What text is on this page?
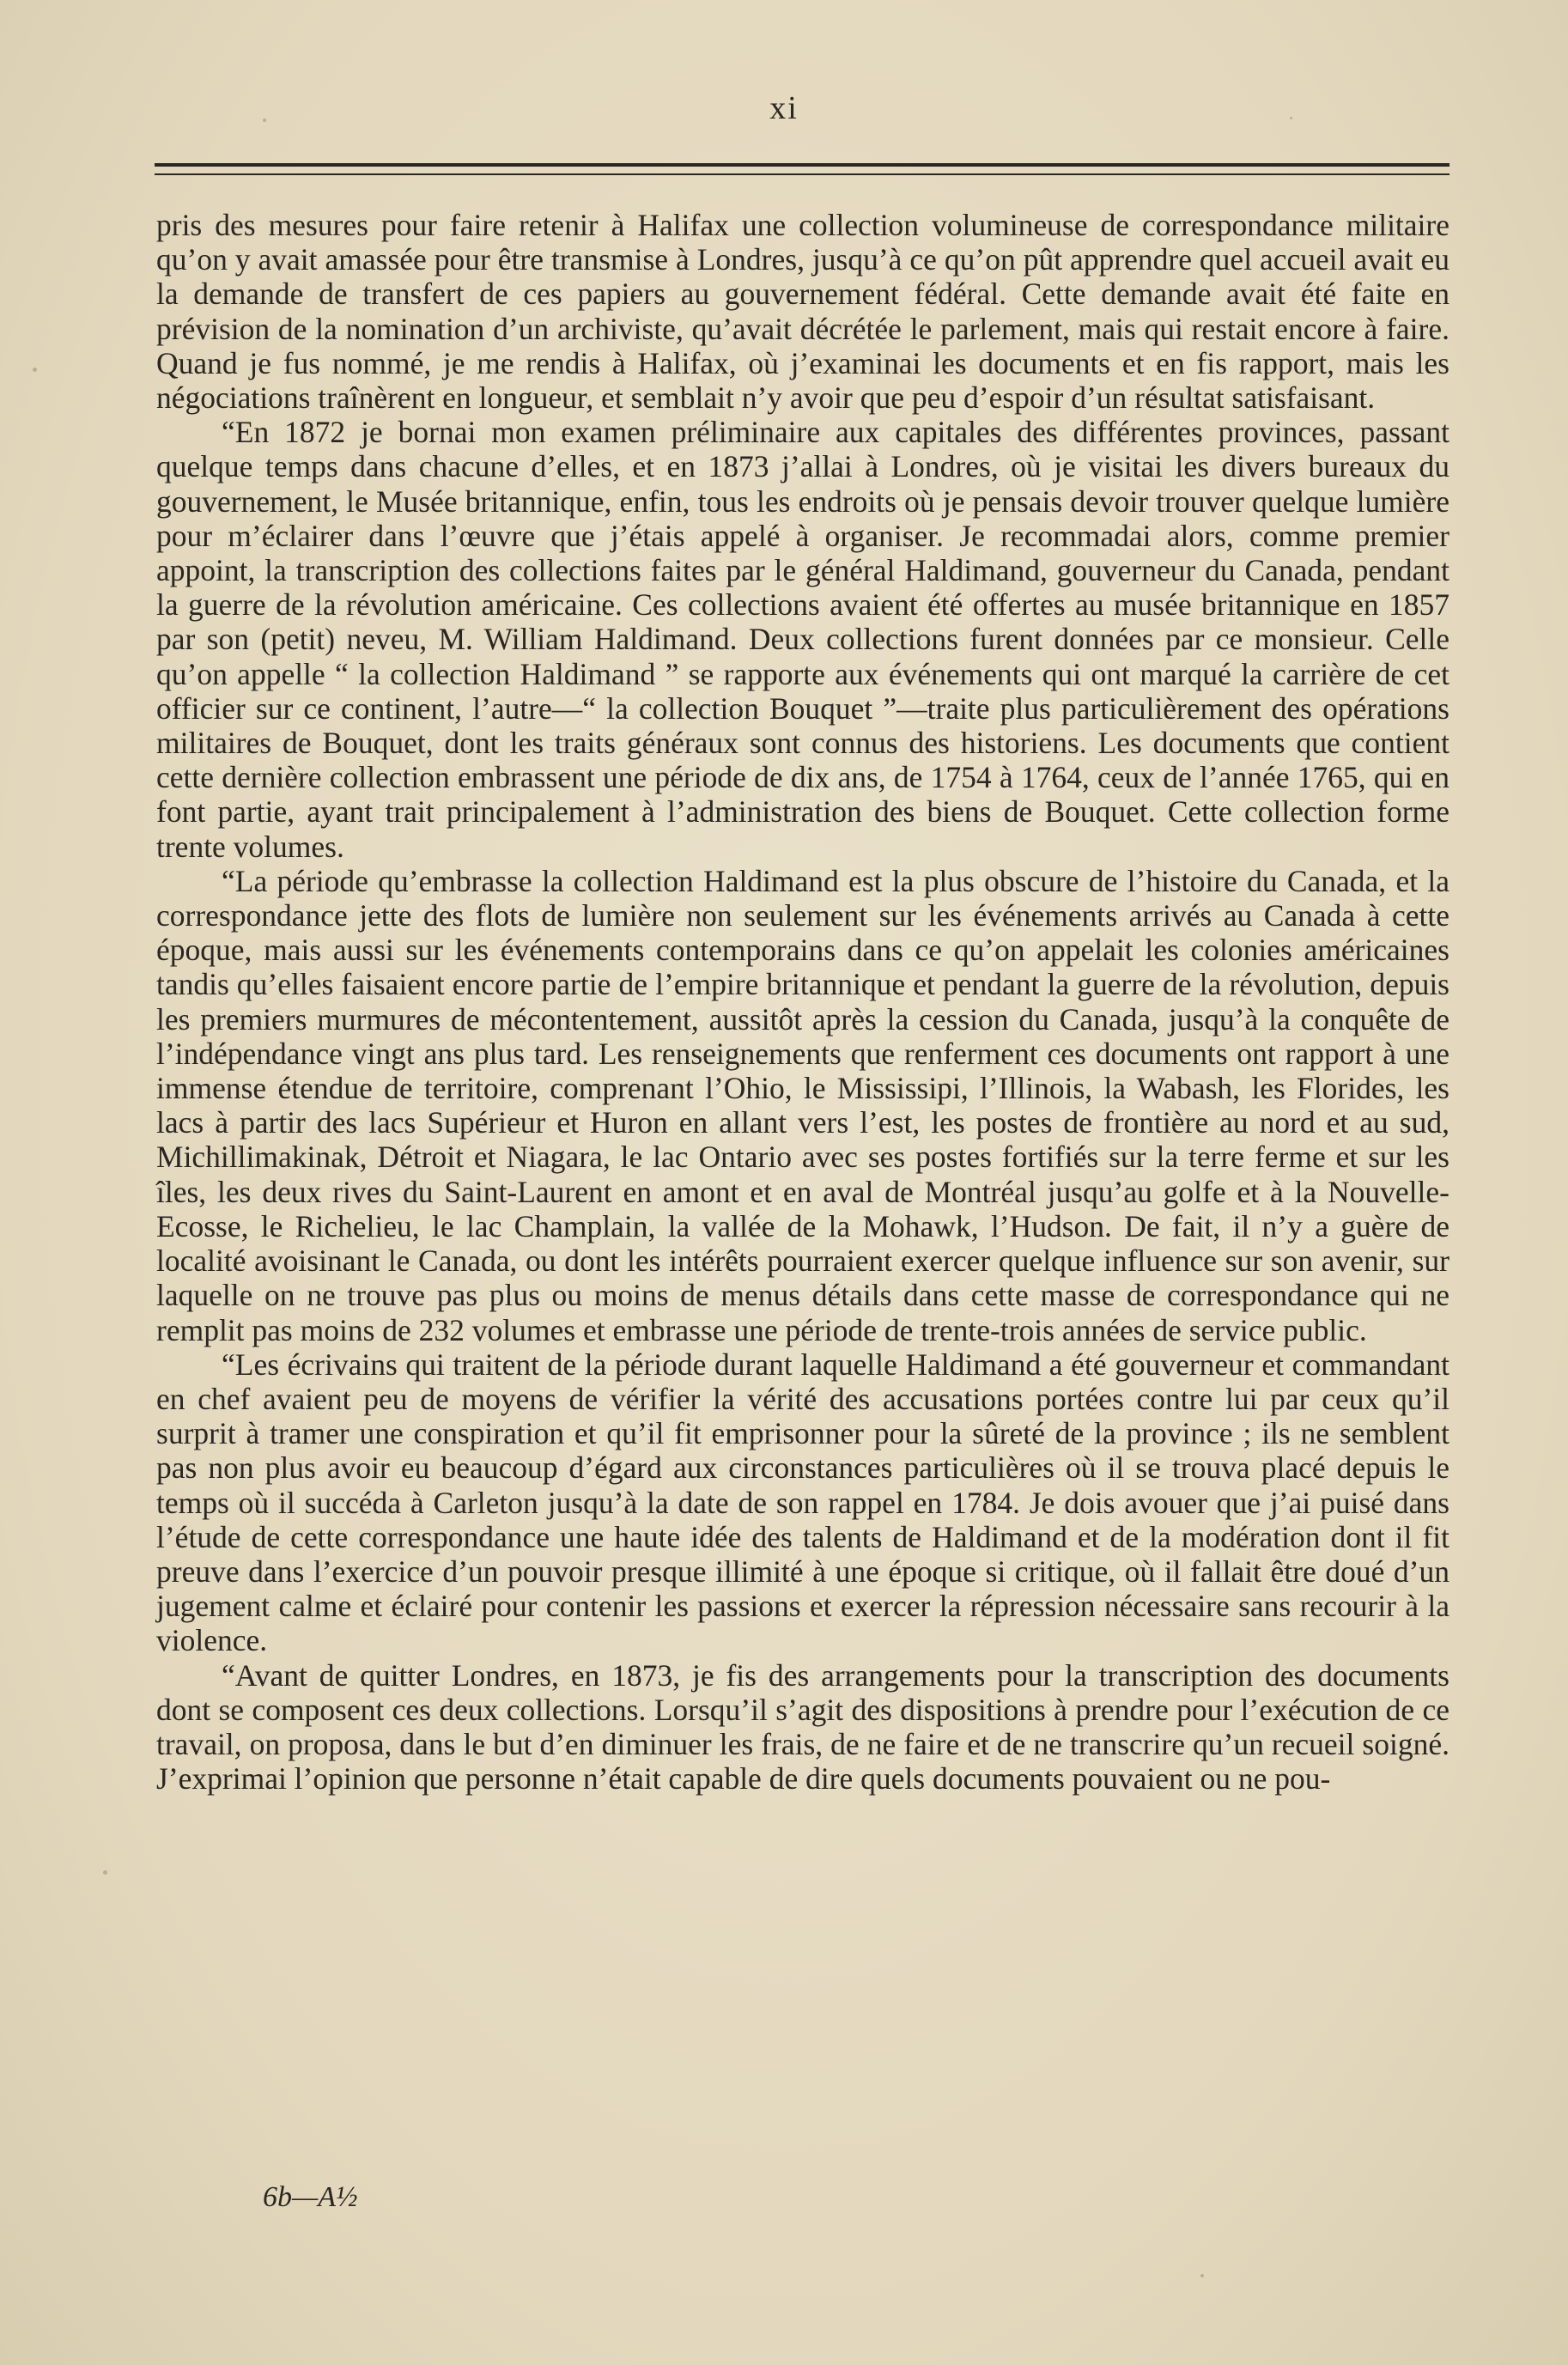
xi

pris des mesures pour faire retenir à Halifax une collection volumineuse de correspondance militaire qu’on y avait amassée pour être transmise à Londres, jusqu’à ce qu’on pût apprendre quel accueil avait eu la demande de transfert de ces papiers au gouvernement fédéral. Cette demande avait été faite en prévision de la nomination d’un archiviste, qu’avait décrétée le parlement, mais qui restait encore à faire. Quand je fus nommé, je me rendis à Halifax, où j’examinai les documents et en fis rapport, mais les négociations traînèrent en longueur, et semblait n’y avoir que peu d’espoir d’un résultat satisfaisant.

“En 1872 je bornai mon examen préliminaire aux capitales des différentes provinces, passant quelque temps dans chacune d’elles, et en 1873 j’allai à Londres, où je visitai les divers bureaux du gouvernement, le Musée britannique, enfin, tous les endroits où je pensais devoir trouver quelque lumière pour m’éclairer dans l’œuvre que j’étais appelé à organiser. Je recommadai alors, comme premier appoint, la transcription des collections faites par le général Haldimand, gouverneur du Canada, pendant la guerre de la révolution américaine. Ces collections avaient été offertes au musée britannique en 1857 par son (petit) neveu, M. William Haldimand. Deux collections furent données par ce monsieur. Celle qu’on appelle “ la collection Haldimand ” se rapporte aux événements qui ont marqué la carrière de cet officier sur ce continent, l’autre—“ la collection Bouquet ”—traite plus particulièrement des opérations militaires de Bouquet, dont les traits généraux sont connus des historiens. Les documents que contient cette dernière collection embrassent une période de dix ans, de 1754 à 1764, ceux de l’année 1765, qui en font partie, ayant trait principalement à l’administration des biens de Bouquet. Cette collection forme trente volumes.

“La période qu’embrasse la collection Haldimand est la plus obscure de l’histoire du Canada, et la correspondance jette des flots de lumière non seulement sur les événements arrivés au Canada à cette époque, mais aussi sur les événements contemporains dans ce qu’on appelait les colonies américaines tandis qu’elles faisaient encore partie de l’empire britannique et pendant la guerre de la révolution, depuis les premiers murmures de mécontentement, aussitôt après la cession du Canada, jusqu’à la conquête de l’indépendance vingt ans plus tard. Les renseignements que renferment ces documents ont rapport à une immense étendue de territoire, comprenant l’Ohio, le Mississipi, l’Illinois, la Wabash, les Florides, les lacs à partir des lacs Supérieur et Huron en allant vers l’est, les postes de frontière au nord et au sud, Michillimakinak, Détroit et Niagara, le lac Ontario avec ses postes fortifiés sur la terre ferme et sur les îles, les deux rives du Saint-Laurent en amont et en aval de Montréal jusqu’au golfe et à la Nouvelle-Ecosse, le Richelieu, le lac Champlain, la vallée de la Mohawk, l’Hudson. De fait, il n’y a guère de localité avoisinant le Canada, ou dont les intérêts pourraient exercer quelque influence sur son avenir, sur laquelle on ne trouve pas plus ou moins de menus détails dans cette masse de correspondance qui ne remplit pas moins de 232 volumes et embrasse une période de trente-trois années de service public.

“Les écrivains qui traitent de la période durant laquelle Haldimand a été gouverneur et commandant en chef avaient peu de moyens de vérifier la vérité des accusations portées contre lui par ceux qu’il surprit à tramer une conspiration et qu’il fit emprisonner pour la sûreté de la province ; ils ne semblent pas non plus avoir eu beaucoup d’égard aux circonstances particulières où il se trouva placé depuis le temps où il succéda à Carleton jusqu’à la date de son rappel en 1784. Je dois avouer que j’ai puisé dans l’étude de cette correspondance une haute idée des talents de Haldimand et de la modération dont il fit preuve dans l’exercice d’un pouvoir presque illimité à une époque si critique, où il fallait être doué d’un jugement calme et éclairé pour contenir les passions et exercer la répression nécessaire sans recourir à la violence.

“Avant de quitter Londres, en 1873, je fis des arrangements pour la transcription des documents dont se composent ces deux collections. Lorsqu’il s’agit des dispositions à prendre pour l’exécution de ce travail, on proposa, dans le but d’en diminuer les frais, de ne faire et de ne transcrire qu’un recueil soigné. J’exprimai l’opinion que personne n’était capable de dire quels documents pouvaient ou ne pou-

6b—A½
